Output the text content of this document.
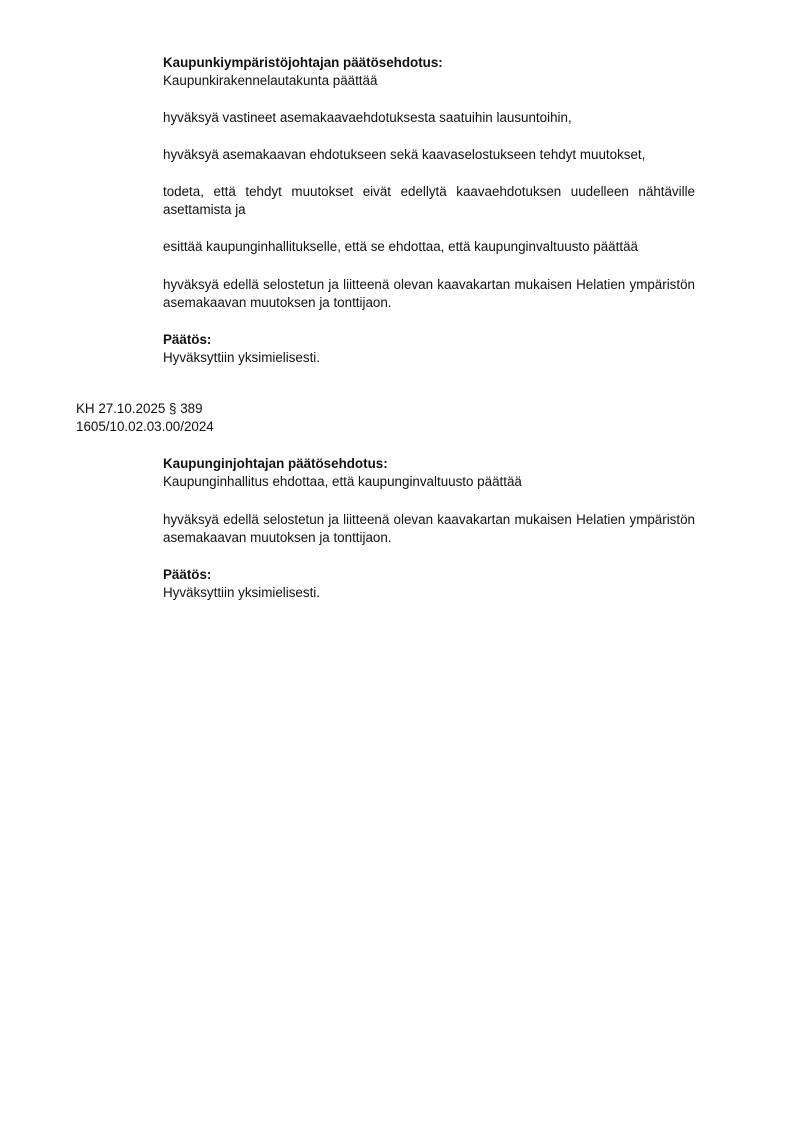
Kaupunkiympäristöjohtajan päätösehdotus:

Kaupunkirakennelautakunta päättää

hyväksyä vastineet asemakaavaehdotuksesta saatuihin lausuntoihin,

hyväksyä asemakaavan ehdotukseen sekä kaavaselostukseen tehdyt muutokset,

todeta, että tehdyt muutokset eivät edellytä kaavaehdotuksen uudelleen nähtäville asettamista ja

esittää kaupunginhallitukselle, että se ehdottaa, että kaupunginvaltuusto päättää

hyväksyä edellä selostetun ja liitteenä olevan kaavakartan mukaisen Helatien ympäristön asemakaavan muutoksen ja tonttijaon.

Päätös:

Hyväksyttiin yksimielisesti.

KH 27.10.2025 § 389

1605/10.02.03.00/2024

Kaupunginjohtajan päätösehdotus:

Kaupunginhallitus ehdottaa, että kaupunginvaltuusto päättää

hyväksyä edellä selostetun ja liitteenä olevan kaavakartan mukaisen Helatien ympäristön asemakaavan muutoksen ja tonttijaon.

Päätös:

Hyväksyttiin yksimielisesti.
